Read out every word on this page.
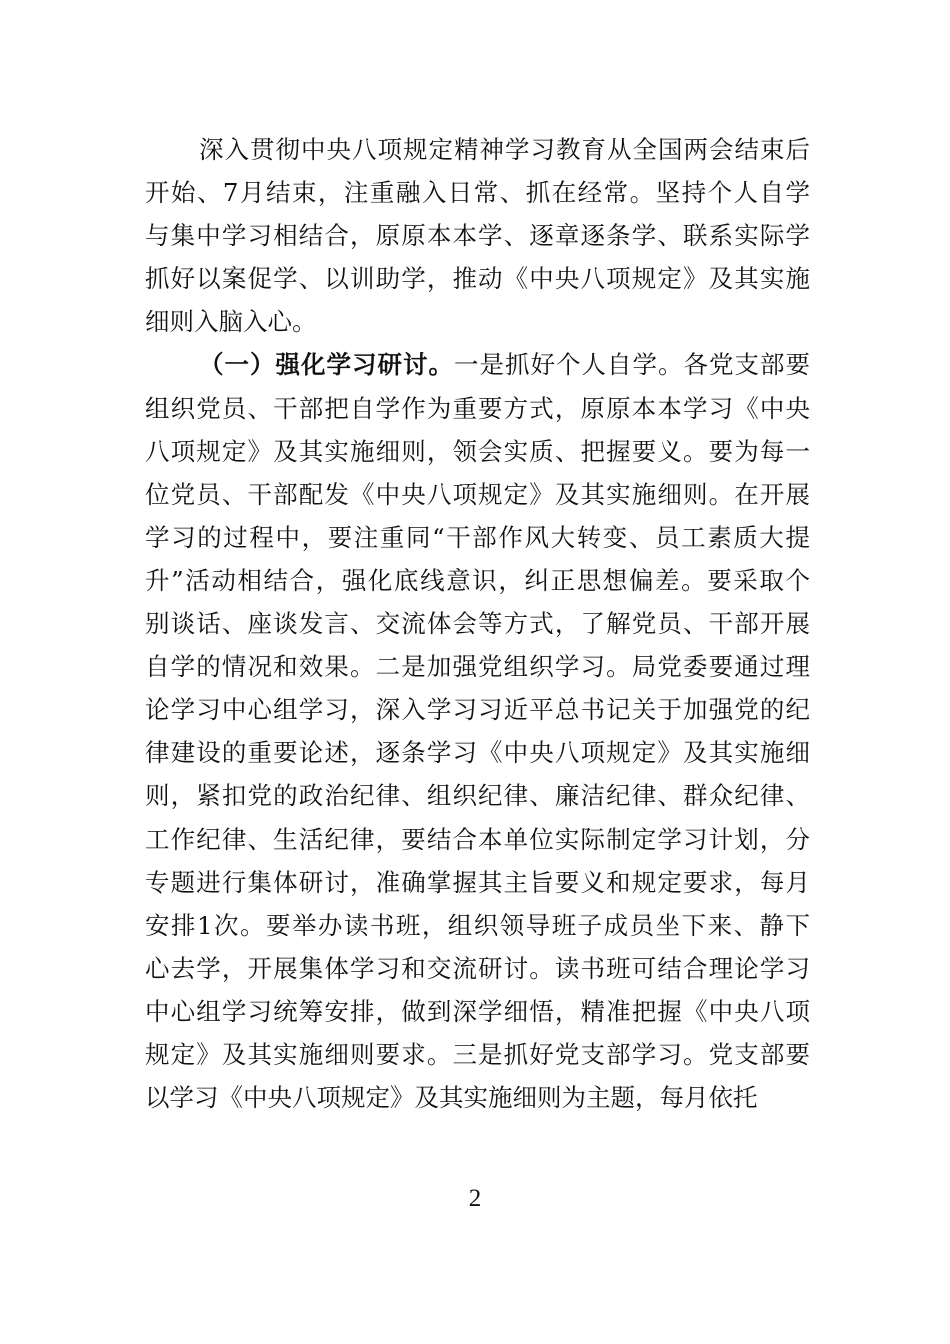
深入贯彻中央八项规定精神学习教育从全国两会结束后
开始、7月结束，注重融入日常、抓在经常。坚持个人自学
与集中学习相结合，原原本本学、逐章逐条学、联系实际学
抓好以案促学、以训助学，推动《中央八项规定》及其实施
细则入脑入心。
（一）强化学习研讨。一是抓好个人自学。各党支部要
组织党员、干部把自学作为重要方式，原原本本学习《中央
八项规定》及其实施细则，领会实质、把握要义。要为每一
位党员、干部配发《中央八项规定》及其实施细则。在开展
学习的过程中，要注重同“干部作风大转变、员工素质大提
升”活动相结合，强化底线意识，纠正思想偏差。要采取个
别谈话、座谈发言、交流体会等方式，了解党员、干部开展
自学的情况和效果。二是加强党组织学习。局党委要通过理
论学习中心组学习，深入学习习近平总书记关于加强党的纪
律建设的重要论述，逐条学习《中央八项规定》及其实施细
则，紧扣党的政治纪律、组织纪律、廉洁纪律、群众纪律、
工作纪律、生活纪律，要结合本单位实际制定学习计划，分
专题进行集体研讨，准确掌握其主旨要义和规定要求，每月
安排1次。要举办读书班，组织领导班子成员坐下来、静下
心去学，开展集体学习和交流研讨。读书班可结合理论学习
中心组学习统筹安排，做到深学细悟，精准把握《中央八项
规定》及其实施细则要求。三是抓好党支部学习。党支部要
以学习《中央八项规定》及其实施细则为主题，每月依托
2
